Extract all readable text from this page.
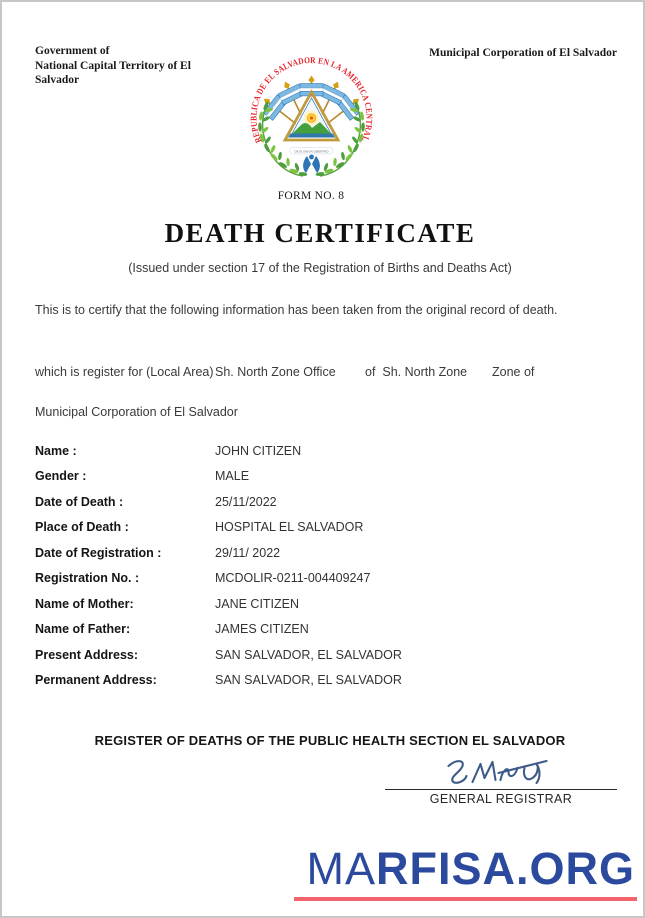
Government of
National Capital Territory of El
Salvador
Municipal Corporation of El Salvador
DIOS UNION LIBERTAD
REPUBLICA DE EL SALVADOR EN LA AMERICA CENTRAL
FORM NO. 8
DEATH CERTIFICATE
(Issued under section 17 of the Registration of Births and Deaths Act)
This is to certify that the following information has been taken from the original record of death.
which is register for (Local Area) Sh. North Zone Office of  Sh. North Zone Zone of
Municipal Corporation of El Salvador
Name :	JOHN CITIZEN
Gender :	MALE
Date of Death :	25/11/2022
Place of Death :	HOSPITAL EL SALVADOR
Date of Registration :	29/11/ 2022
Registration No. :	MCDOLIR-0211-004409247
Name of Mother:	JANE CITIZEN
Name of Father:	JAMES CITIZEN
Present Address:	SAN SALVADOR, EL SALVADOR
Permanent Address:	SAN SALVADOR, EL SALVADOR
REGISTER OF DEATHS OF THE PUBLIC HEALTH SECTION EL SALVADOR
GENERAL REGISTRAR
MARFISA.ORG
